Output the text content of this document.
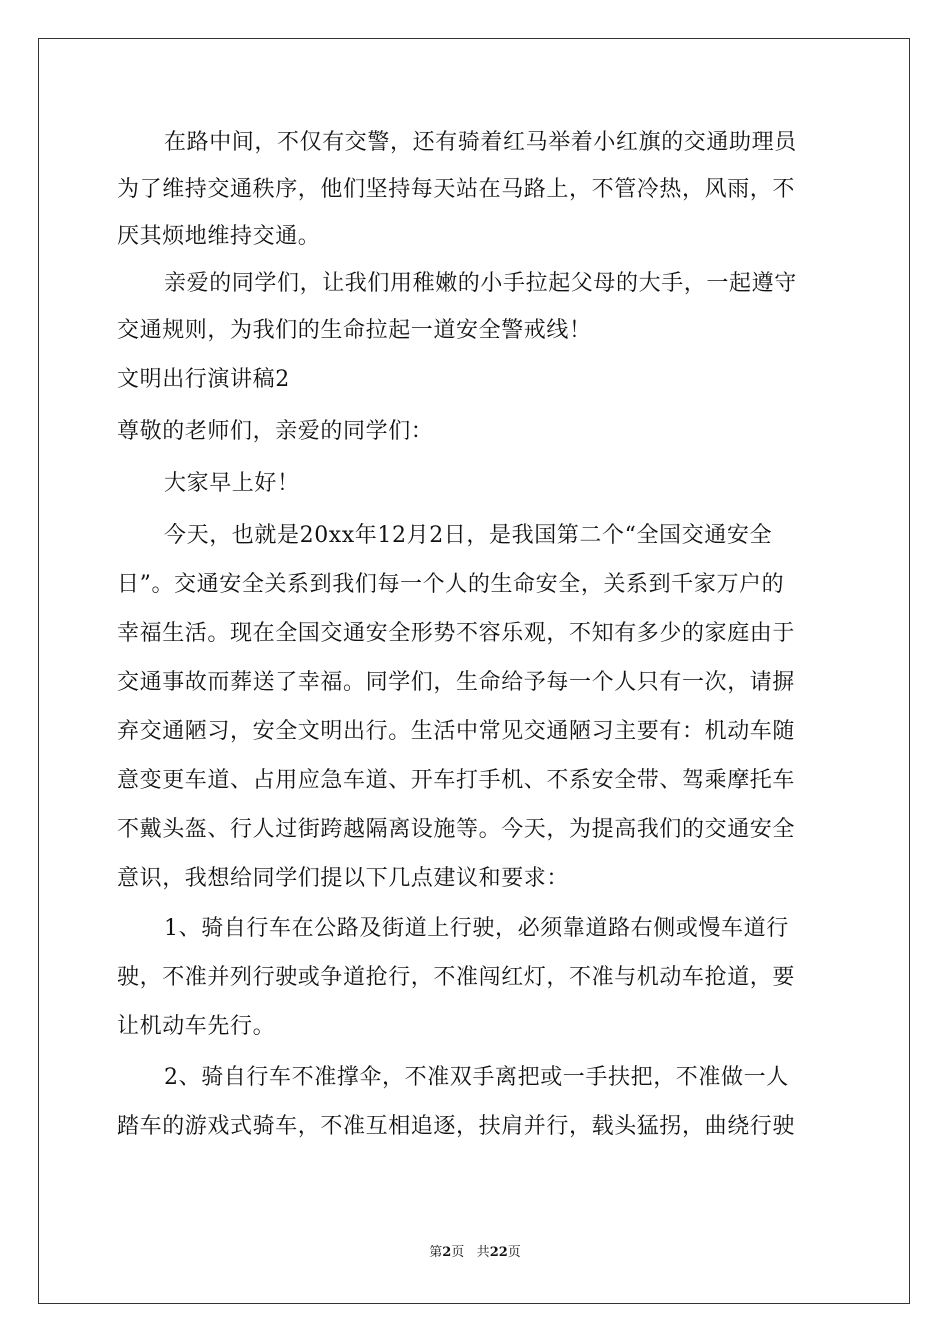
在路中间，不仅有交警，还有骑着红马举着小红旗的交通助理员
为了维持交通秩序，他们坚持每天站在马路上，不管冷热，风雨，不
厌其烦地维持交通。
亲爱的同学们，让我们用稚嫩的小手拉起父母的大手，一起遵守
交通规则，为我们的生命拉起一道安全警戒线！
文明出行演讲稿2
尊敬的老师们，亲爱的同学们：
大家早上好！
今天，也就是20xx年12月2日，是我国第二个“全国交通安全
日”。交通安全关系到我们每一个人的生命安全，关系到千家万户的
幸福生活。现在全国交通安全形势不容乐观，不知有多少的家庭由于
交通事故而葬送了幸福。同学们，生命给予每一个人只有一次，请摒
弃交通陋习，安全文明出行。生活中常见交通陋习主要有：机动车随
意变更车道、占用应急车道、开车打手机、不系安全带、驾乘摩托车
不戴头盔、行人过街跨越隔离设施等。今天，为提高我们的交通安全
意识，我想给同学们提以下几点建议和要求：
1、骑自行车在公路及街道上行驶，必须靠道路右侧或慢车道行
驶，不准并列行驶或争道抢行，不准闯红灯，不准与机动车抢道，要
让机动车先行。
2、骑自行车不准撑伞，不准双手离把或一手扶把，不准做一人
踏车的游戏式骑车，不准互相追逐，扶肩并行，载头猛拐，曲绕行驶
第2页 共22页
